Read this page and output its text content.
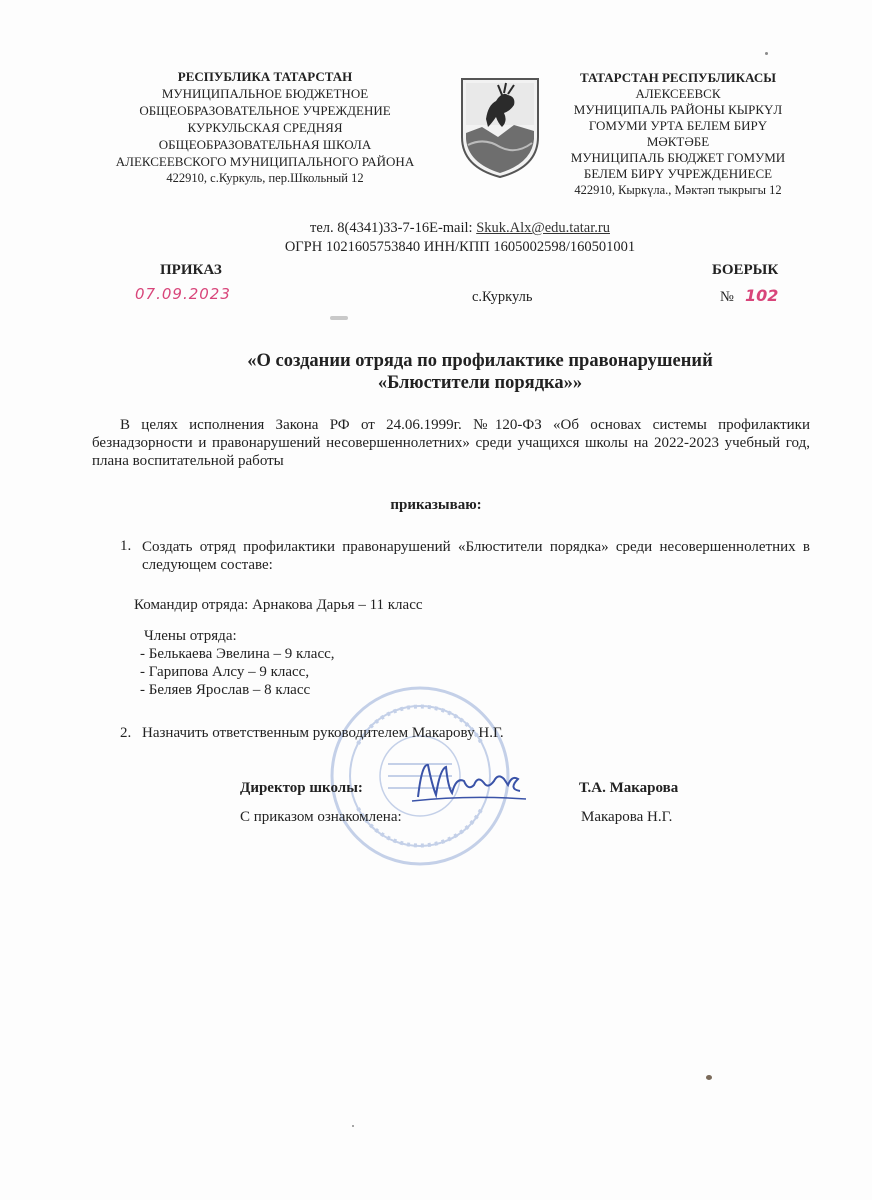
РЕСПУБЛИКА ТАТАРСТАН
МУНИЦИПАЛЬНОЕ БЮДЖЕТНОЕ
ОБЩЕОБРАЗОВАТЕЛЬНОЕ УЧРЕЖДЕНИЕ
КУРКУЛЬСКАЯ СРЕДНЯЯ
ОБЩЕОБРАЗОВАТЕЛЬНАЯ ШКОЛА
АЛЕКСЕЕВСКОГО МУНИЦИПАЛЬНОГО РАЙОНА
422910, с.Куркуль, пер.Школьный 12
ТАТАРСТАН РЕСПУБЛИКАСЫ
АЛЕКСЕЕВСК
МУНИЦИПАЛЬ РАЙОНЫ КЫРКҮЛ
ГОМУМИ УРТА БЕЛЕМ БИРҮ
МӘКТӘБЕ
МУНИЦИПАЛЬ БЮДЖЕТ ГОМУМИ
БЕЛЕМ БИРҮ УЧРЕЖДЕНИЕСЕ
422910, Кыркүла., Мәктәп тыкрыгы 12
тел. 8(4341)33-7-16E-mail: Skuk.Alx@edu.tatar.ru
ОГРН 1021605753840 ИНН/КПП 1605002598/160501001
ПРИКАЗ	БОЕРЫК
07.09.2023	с.Куркуль	№ 102
«О создании отряда по профилактике правонарушений
«Блюстители порядка»»
В целях исполнения Закона РФ от 24.06.1999г. №120-ФЗ «Об основах системы профилактики безнадзорности и правонарушений несовершеннолетних» среди учащихся школы на 2022-2023 учебный год, плана воспитательной работы
приказываю:
1. Создать отряд профилактики правонарушений «Блюстители порядка» среди несовершеннолетних в следующем составе:
Командир отряда: Арнакова Дарья – 11 класс
Члены отряда:
- Белькаева Эвелина – 9 класс,
- Гарипова Алсу – 9 класс,
- Беляев Ярослав – 8 класс
2. Назначить ответственным руководителем Макарову Н.Г.
Директор школы:	Т.А. Макарова
С приказом ознакомлена:	Макарова Н.Г.
